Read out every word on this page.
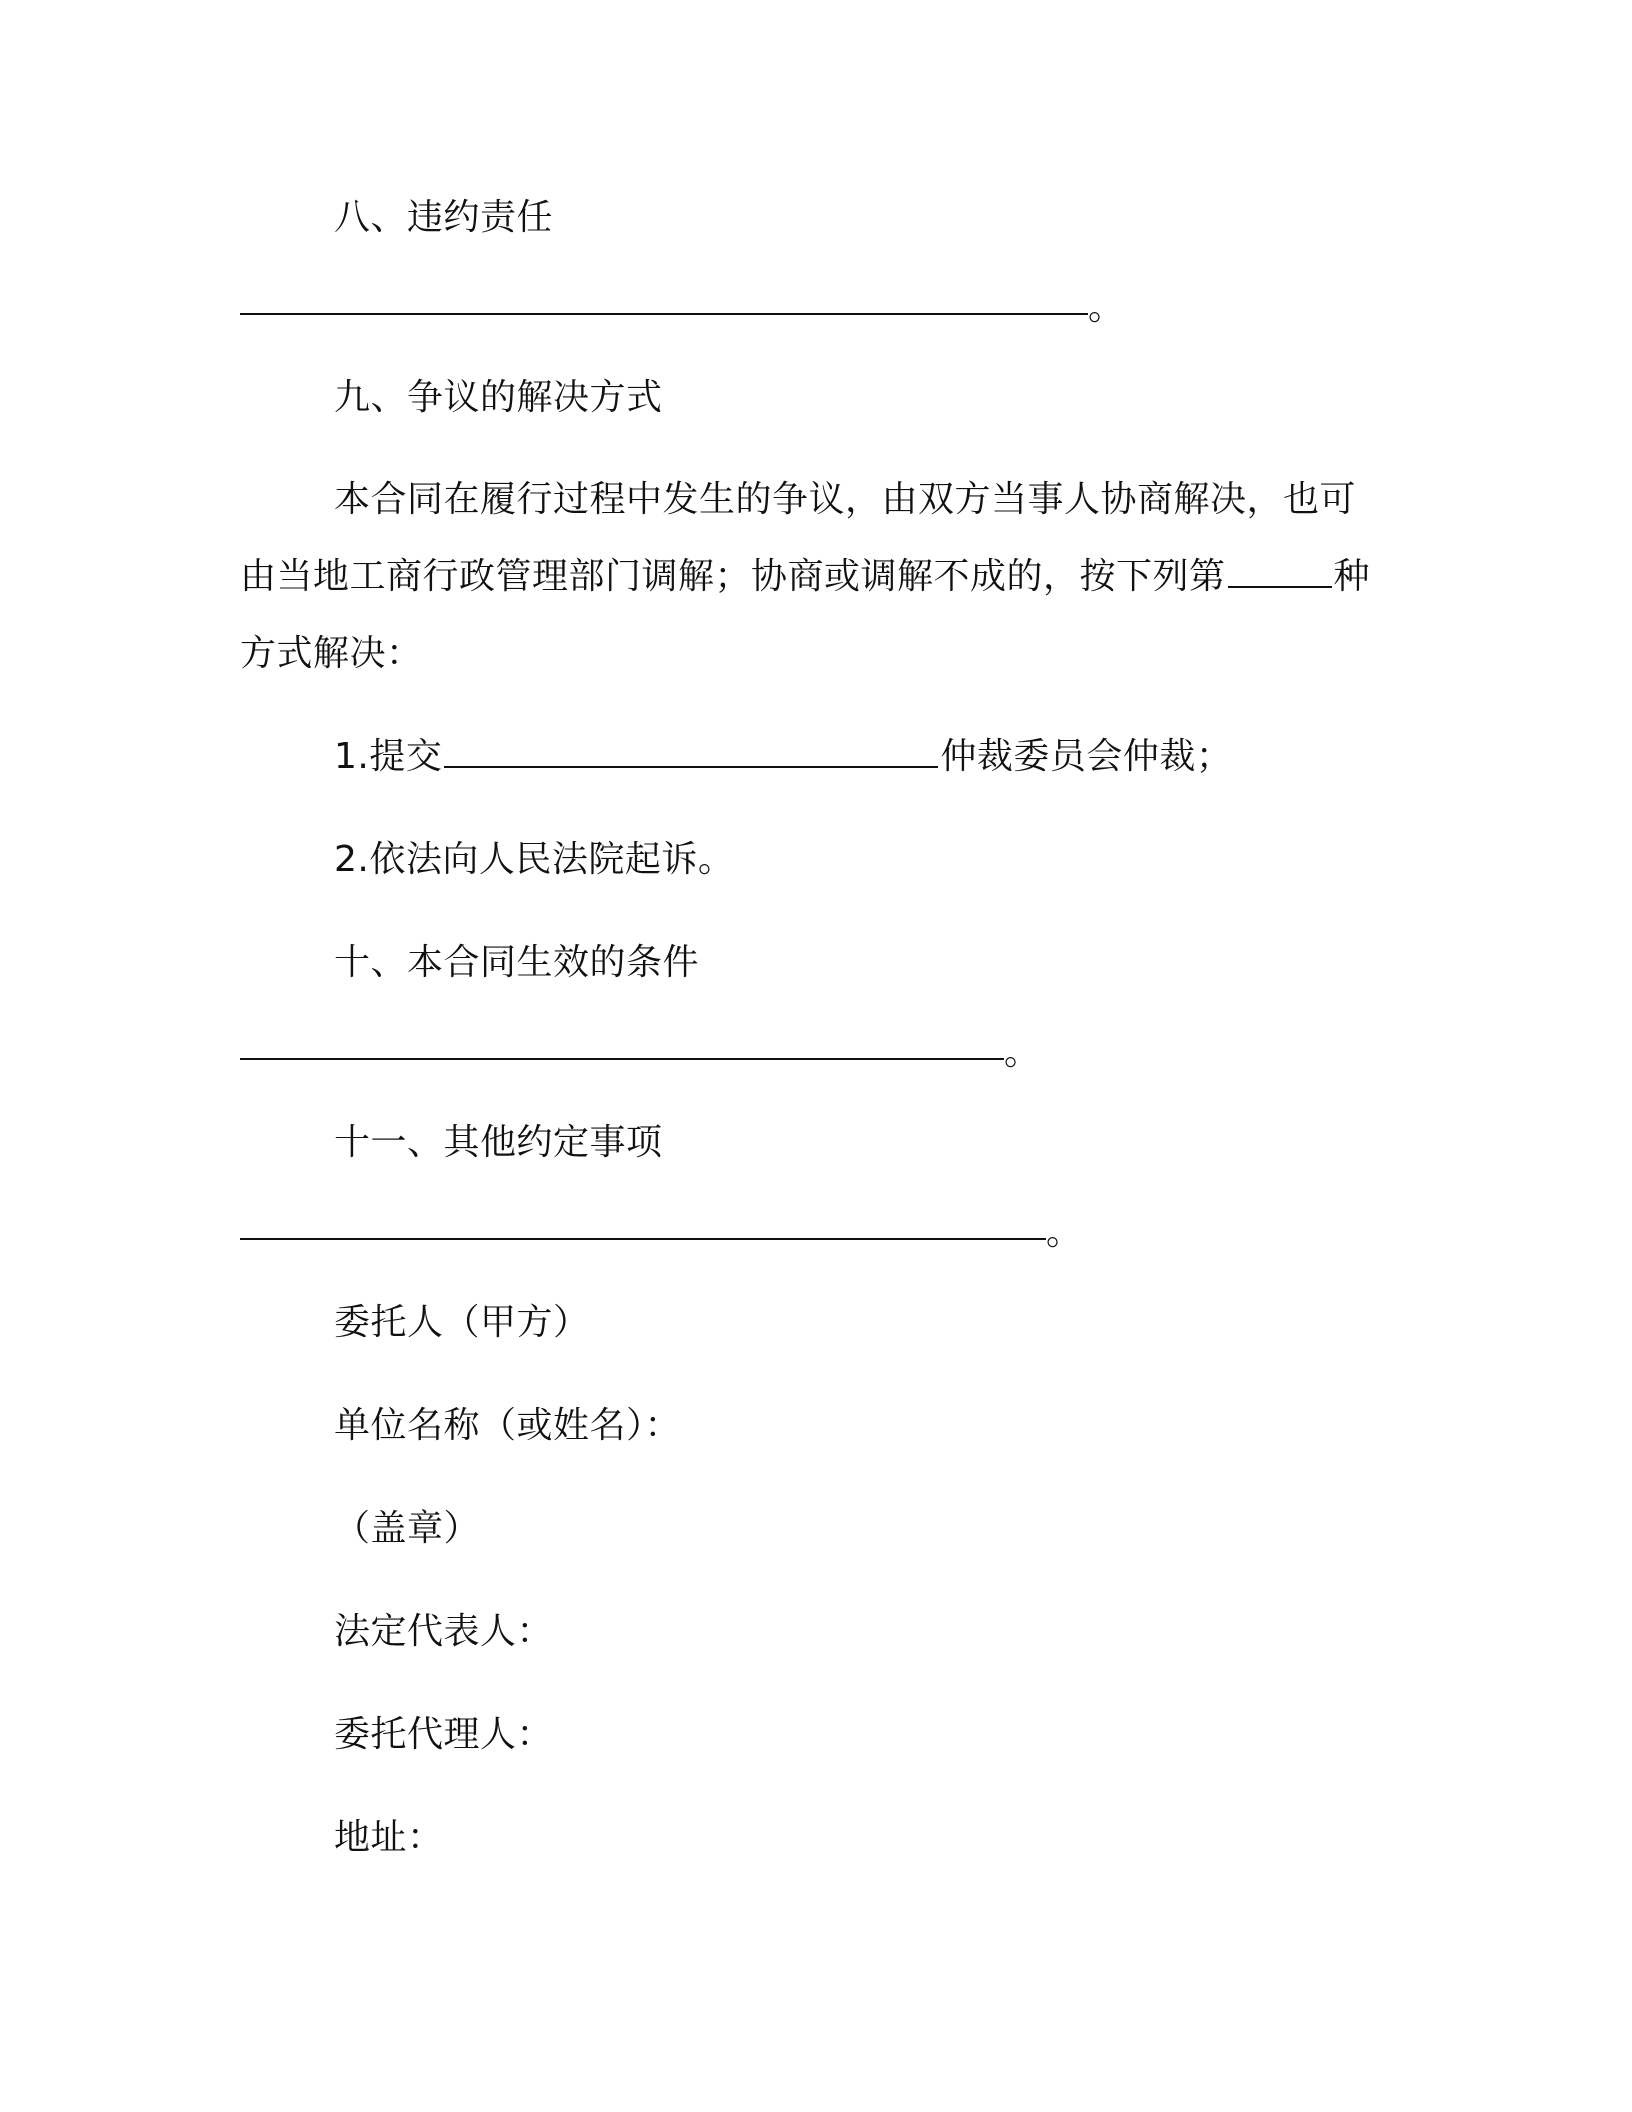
八、违约责任
。
九、争议的解决方式
本合同在履行过程中发生的争议，由双方当事人协商解决，也可
由当地工商行政管理部门调解；协商或调解不成的，按下列第	种
方式解决：
1.提交	仲裁委员会仲裁；
2.依法向人民法院起诉。
十、本合同生效的条件
。
十一、其他约定事项
。
委托人（甲方）
单位名称（或姓名）：
（盖章）
法定代表人：
委托代理人：
地址：
